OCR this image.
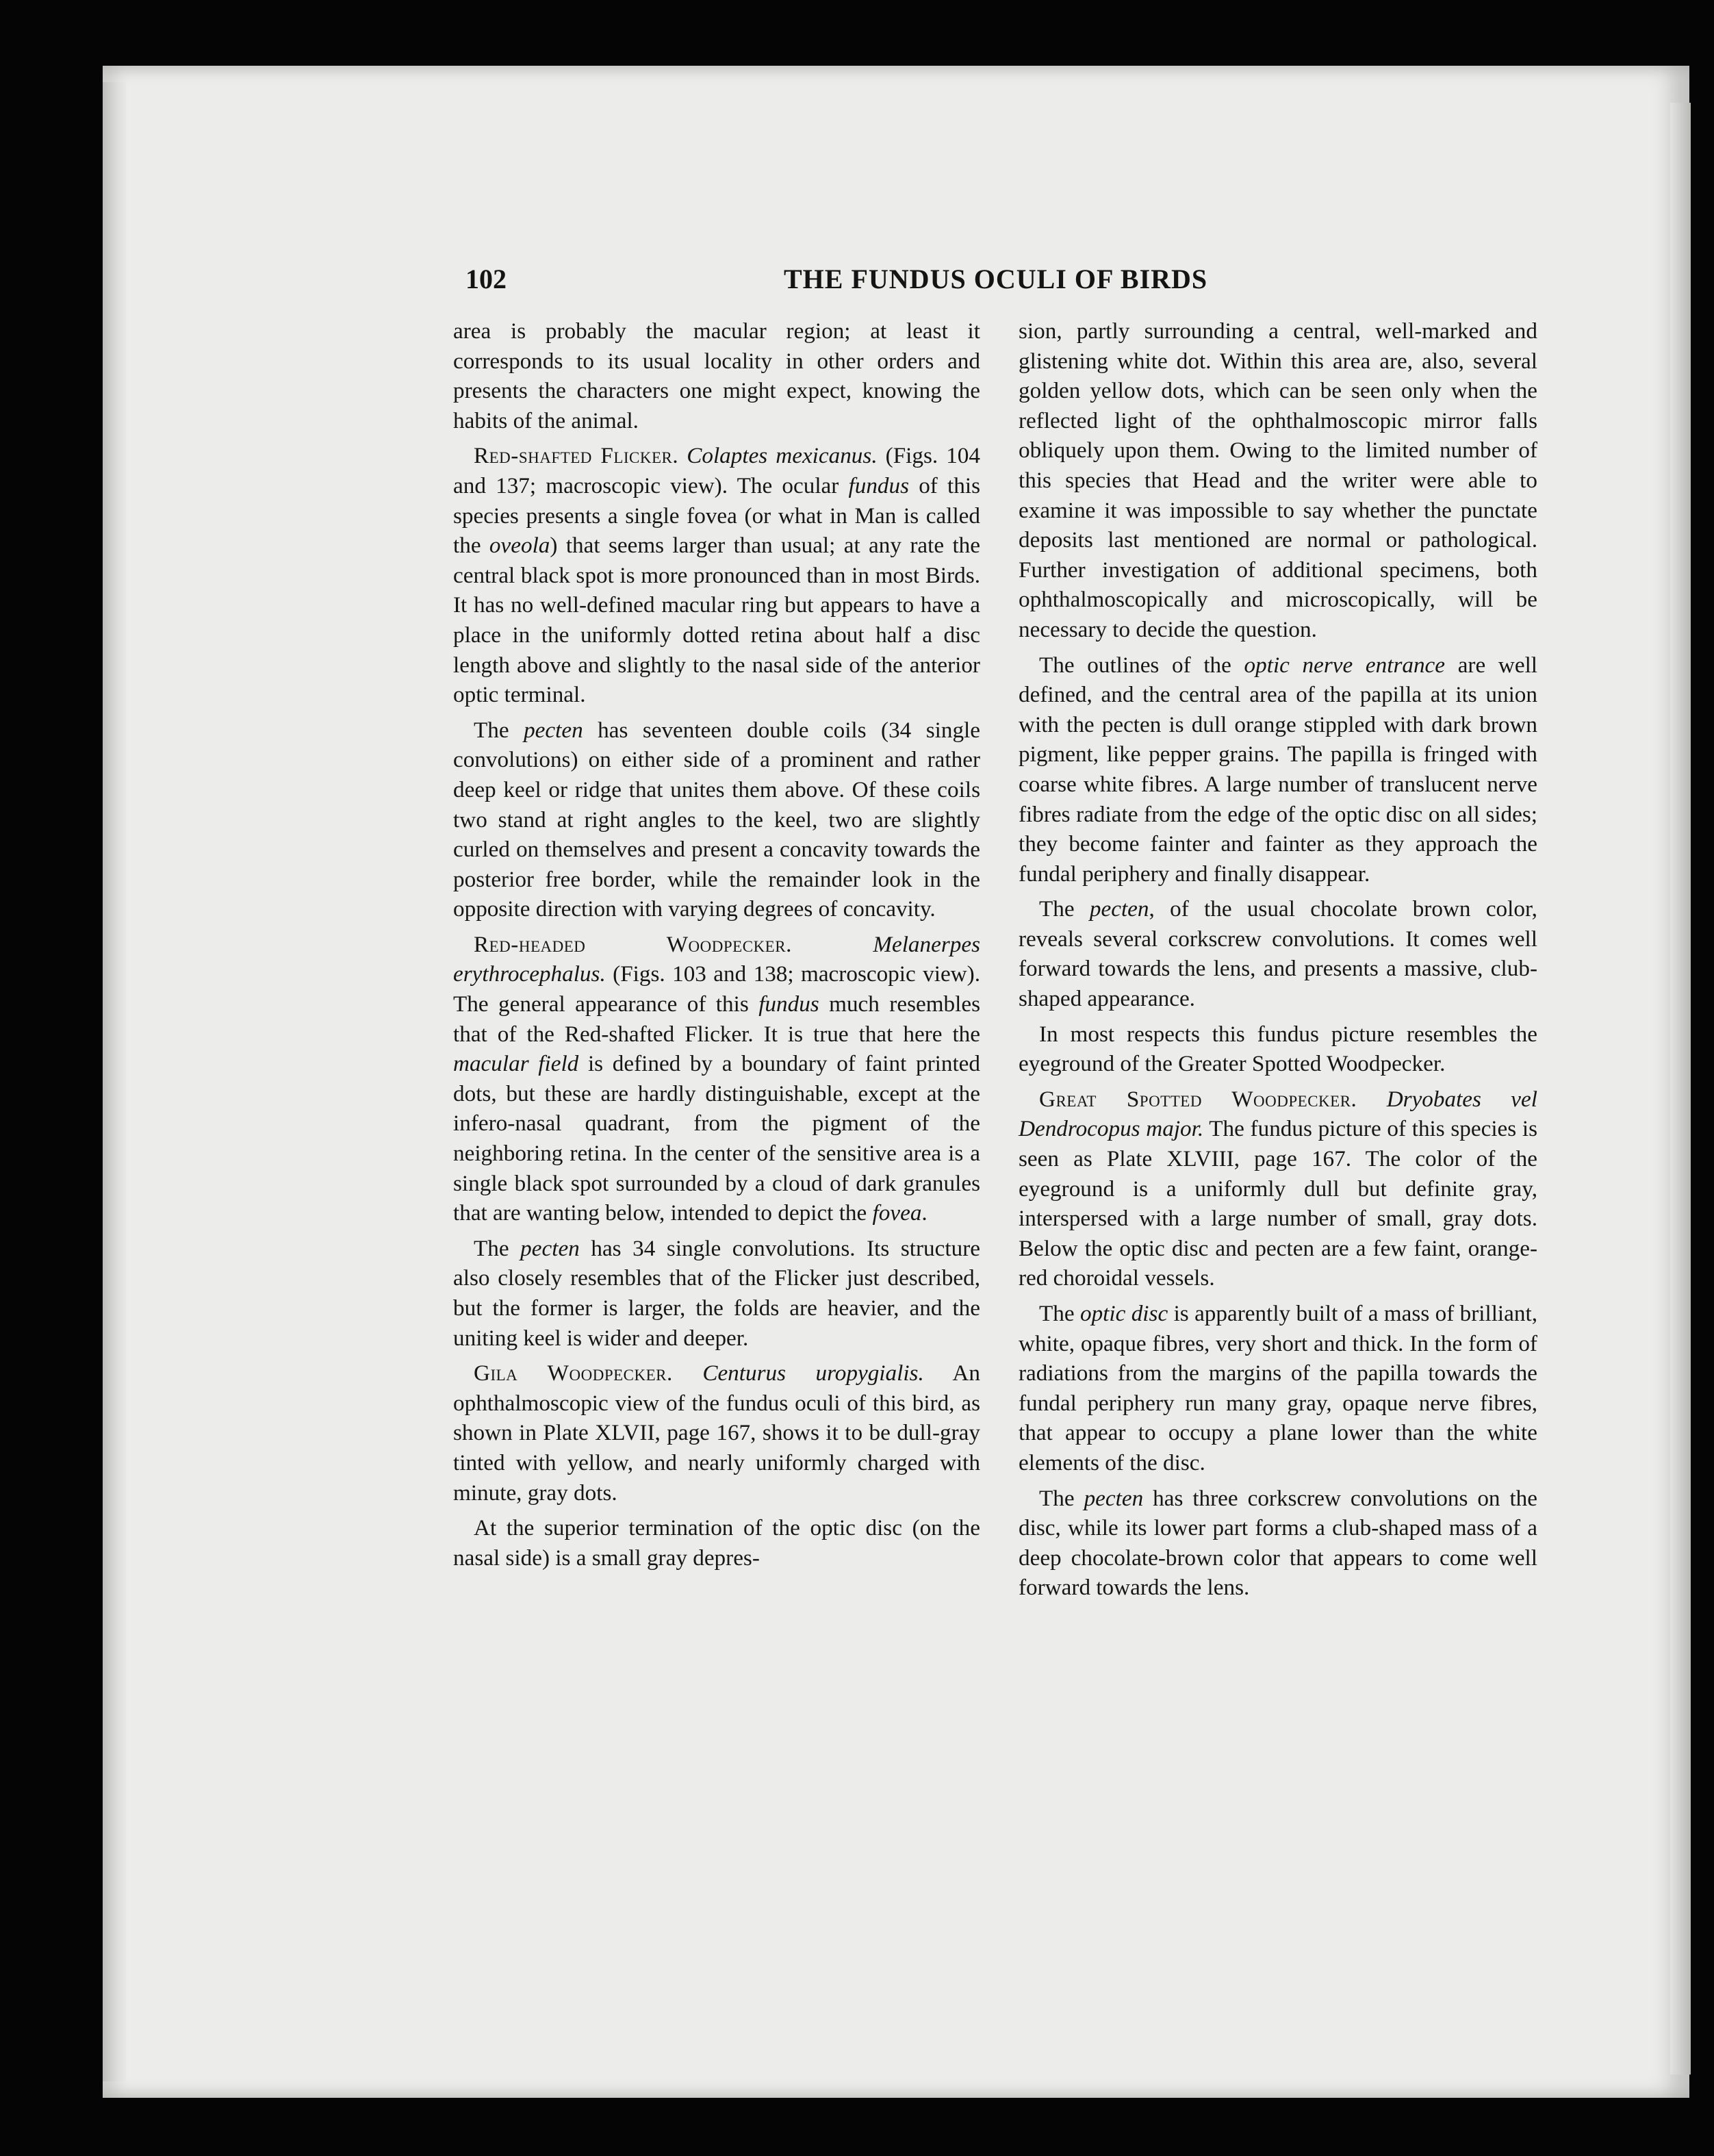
102	THE FUNDUS OCULI OF BIRDS

area is probably the macular region; at least it corresponds to its usual locality in other orders and presents the characters one might expect, knowing the habits of the animal.

Red-shafted Flicker. Colaptes mexicanus. (Figs. 104 and 137; macroscopic view). The ocular fundus of this species presents a single fovea (or what in Man is called the oveola) that seems larger than usual; at any rate the central black spot is more pronounced than in most Birds. It has no well-defined macular ring but appears to have a place in the uniformly dotted retina about half a disc length above and slightly to the nasal side of the anterior optic terminal.

The pecten has seventeen double coils (34 single convolutions) on either side of a prominent and rather deep keel or ridge that unites them above. Of these coils two stand at right angles to the keel, two are slightly curled on themselves and present a concavity towards the posterior free border, while the remainder look in the opposite direction with varying degrees of concavity.

Red-headed Woodpecker.	Melanerpes erythrocephalus. (Figs. 103 and 138; macroscopic view). The general appearance of this fundus much resembles that of the Red-shafted Flicker. It is true that here the macular field is defined by a boundary of faint printed dots, but these are hardly distinguishable, except at the infero-nasal quadrant, from the pigment of the neighboring retina. In the center of the sensitive area is a single black spot surrounded by a cloud of dark granules that are wanting below, intended to depict the fovea.

The pecten has 34 single convolutions. Its structure also closely resembles that of the Flicker just described, but the former is larger, the folds are heavier, and the uniting keel is wider and deeper.

Gila Woodpecker. Centurus uropygialis. An ophthalmoscopic view of the fundus oculi of this bird, as shown in Plate XLVII, page 167, shows it to be dull-gray tinted with yellow, and nearly uniformly charged with minute, gray dots.

At the superior termination of the optic disc (on the nasal side) is a small gray depres-

sion, partly surrounding a central, well-marked and glistening white dot. Within this area are, also, several golden yellow dots, which can be seen only when the reflected light of the ophthalmoscopic mirror falls obliquely upon them. Owing to the limited number of this species that Head and the writer were able to examine it was impossible to say whether the punctate deposits last mentioned are normal or pathological. Further investigation of additional specimens, both ophthalmoscopically and microscopically, will be necessary to decide the question.

The outlines of the optic nerve entrance are well defined, and the central area of the papilla at its union with the pecten is dull orange stippled with dark brown pigment, like pepper grains. The papilla is fringed with coarse white fibres. A large number of translucent nerve fibres radiate from the edge of the optic disc on all sides; they become fainter and fainter as they approach the fundal periphery and finally disappear.

The pecten, of the usual chocolate brown color, reveals several corkscrew convolutions. It comes well forward towards the lens, and presents a massive, club-shaped appearance.

In most respects this fundus picture resembles the eyeground of the Greater Spotted Woodpecker.

Great Spotted Woodpecker. Dryobates vel Dendrocopus major. The fundus picture of this species is seen as Plate XLVIII, page 167. The color of the eyeground is a uniformly dull but definite gray, interspersed with a large number of small, gray dots. Below the optic disc and pecten are a few faint, orange-red choroidal vessels.

The optic disc is apparently built of a mass of brilliant, white, opaque fibres, very short and thick. In the form of radiations from the margins of the papilla towards the fundal periphery run many gray, opaque nerve fibres, that appear to occupy a plane lower than the white elements of the disc.

The pecten has three corkscrew convolutions on the disc, while its lower part forms a club-shaped mass of a deep chocolate-brown color that appears to come well forward towards the lens.
